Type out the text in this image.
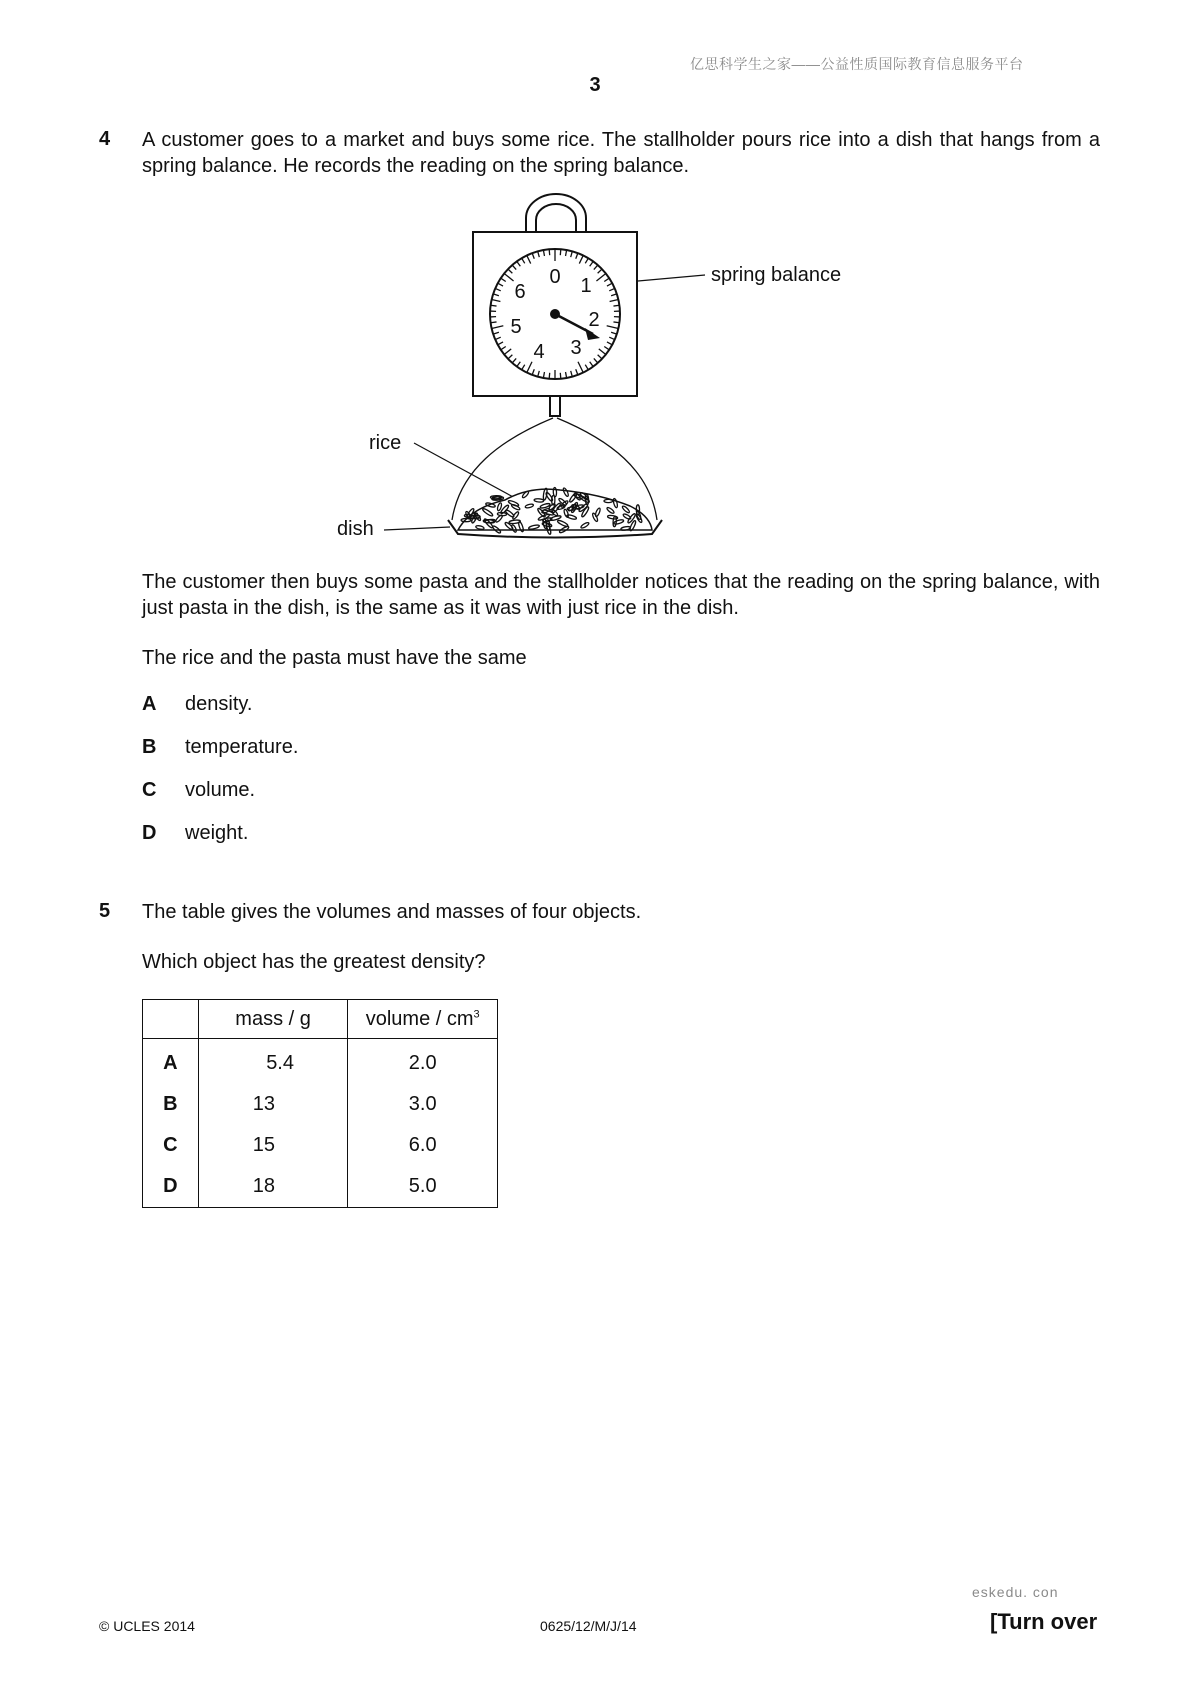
亿思科学生之家——公益性质国际教育信息服务平台
3
4 A customer goes to a market and buys some rice. The stallholder pours rice into a dish that hangs from a spring balance. He records the reading on the spring balance.
0 1
2
3
4
5
6
spring balance
rice
dish
The customer then buys some pasta and the stallholder notices that the reading on the spring balance, with just pasta in the dish, is the same as it was with just rice in the dish.
The rice and the pasta must have the same
A density.
B temperature.
C volume.
D weight.
5 The table gives the volumes and masses of four objects.
Which object has the greatest density?
	mass / g	volume / $cm^3$
A	5.4	2.0
B	13	3.0
C	15	6.0
D	18	5.0
eskedu. con
© UCLES 2014	0625/12/M/J/14	[Turn over
